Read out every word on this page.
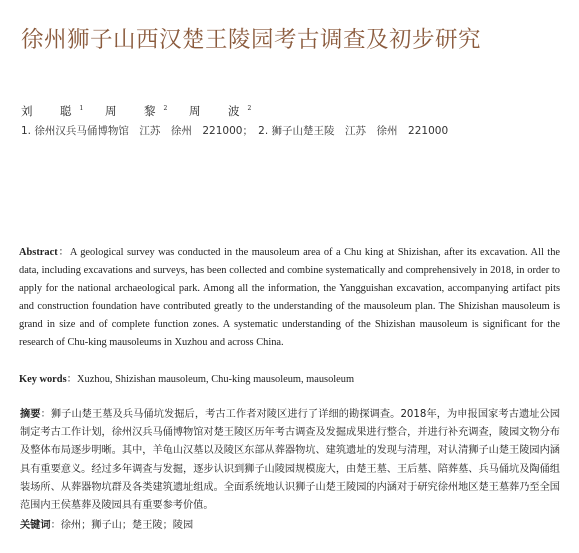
徐州狮子山西汉楚王陵园考古调查及初步研究
刘　聪$^1$ 周　黎$^2$ 周　波$^2$
1. 徐州汉兵马俑博物馆　江苏　徐州　221000；　2. 狮子山楚王陵　江苏　徐州　221000
Abstract：A geological survey was conducted in the mausoleum area of a Chu king at Shizishan, after its excavation. All the data, including excavations and surveys, has been collected and combine systematically and comprehensively in 2018, in order to apply for the national archaeological park. Among all the information, the Yangguishan excavation, accompanying artifact pits and construction foundation have contributed greatly to the understanding of the mausoleum plan. The Shizishan mausoleum is grand in size and of complete function zones. A systematic understanding of the Shizishan mausoleum is significant for the research of Chu-king mausoleums in Xuzhou and across China.
Key words：Xuzhou, Shizishan mausoleum, Chu-king mausoleum, mausoleum
摘要：狮子山楚王墓及兵马俑坑发掘后，考古工作者对陵区进行了详细的勘探调查。2018年，为申报国家考古遗址公园制定考古工作计划，徐州汉兵马俑博物馆对楚王陵区历年考古调查及发掘成果进行整合，并进行补充调查，陵园文物分布及整体布局逐步明晰。其中，羊龟山汉墓以及陵区东部从葬器物坑、建筑遗址的发现与清理，对认清狮子山楚王陵园内涵具有重要意义。经过多年调查与发掘，逐步认识到狮子山陵园规模庞大，由楚王墓、王后墓、陪葬墓、兵马俑坑及陶俑组装场所、从葬器物坑群及各类建筑遗址组成。全面系统地认识狮子山楚王陵园的内涵对于研究徐州地区楚王墓葬乃至全国范围内王侯墓葬及陵园具有重要参考价值。
关键词：徐州；狮子山；楚王陵；陵园
